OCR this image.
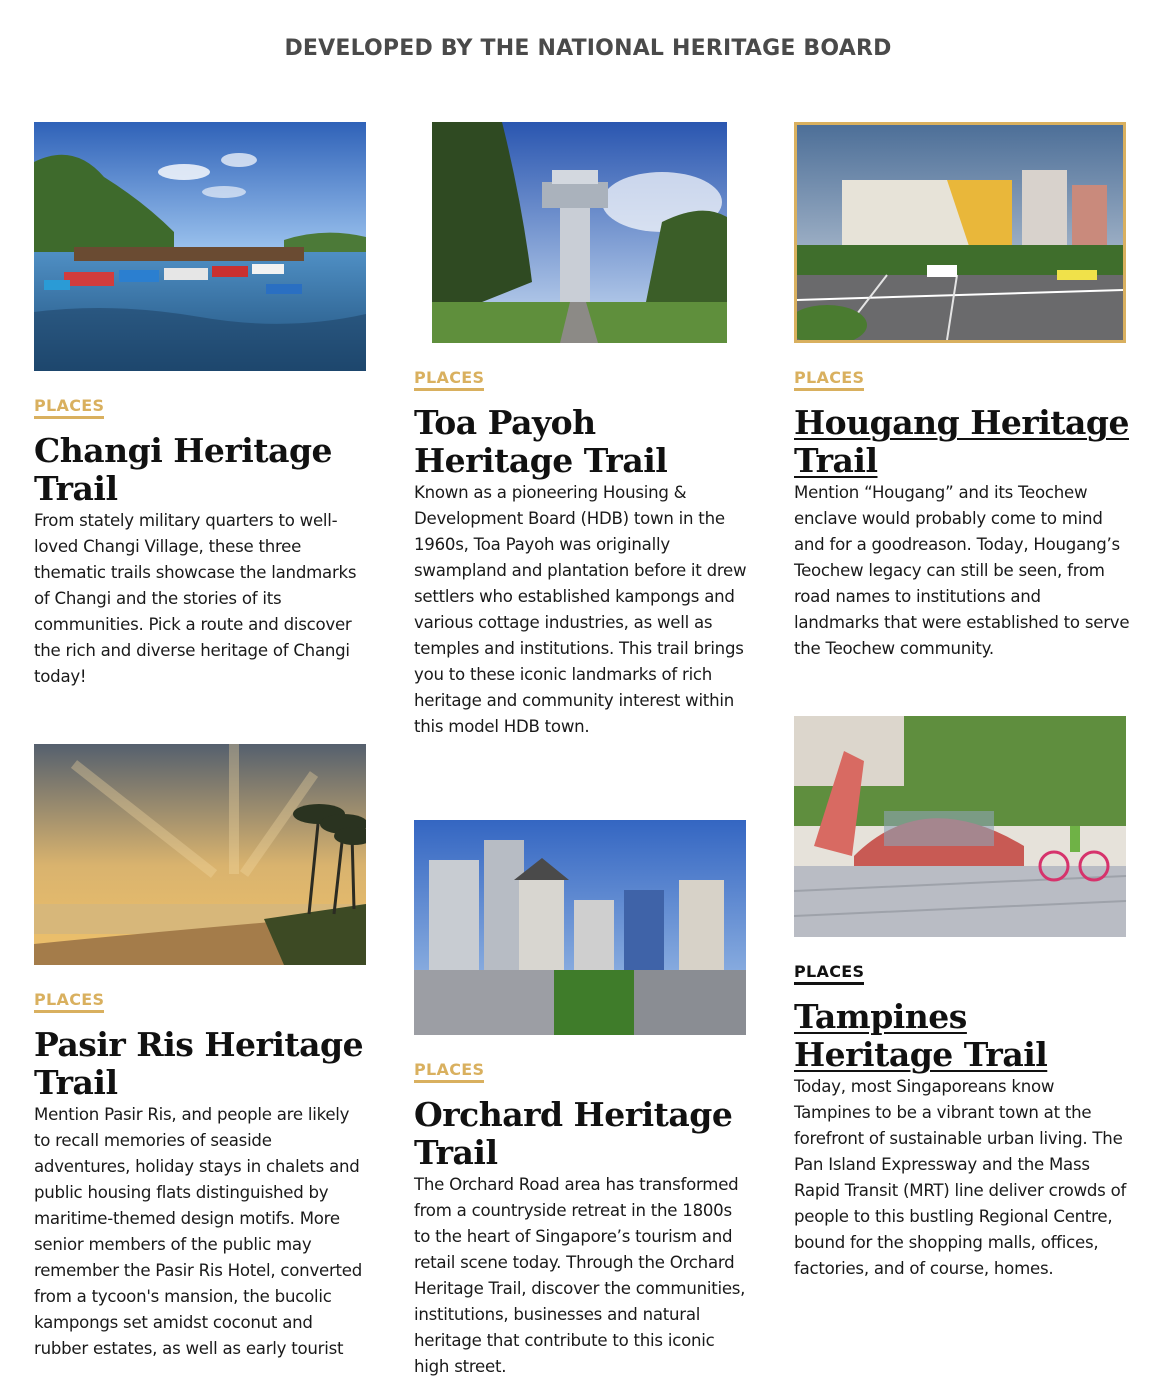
DEVELOPED BY THE NATIONAL HERITAGE BOARD
PLACES
Changi Heritage Trail

From stately military quarters to well-loved Changi Village, these three thematic trails showcase the landmarks of Changi and the stories of its communities. Pick a route and discover the rich and diverse heritage of Changi today!

PLACES
Toa Payoh Heritage Trail

Known as a pioneering Housing & Development Board (HDB) town in the 1960s, Toa Payoh was originally swampland and plantation before it drew settlers who established kampongs and various cottage industries, as well as temples and institutions. This trail brings you to these iconic landmarks of rich heritage and community interest within this model HDB town.

PLACES
Hougang Heritage Trail

Mention “Hougang” and its Teochew enclave would probably come to mind and for a goodreason. Today, Hougang’s Teochew legacy can still be seen, from road names to institutions and landmarks that were established to serve the Teochew community.

PLACES
Pasir Ris Heritage Trail

Mention Pasir Ris, and people are likely to recall memories of seaside adventures, holiday stays in chalets and public housing flats distinguished by maritime-themed design motifs. More senior members of the public may remember the Pasir Ris Hotel, converted from a tycoon's mansion, the bucolic kampongs set amidst coconut and rubber estates, as well as early tourist

PLACES
Orchard Heritage Trail

The Orchard Road area has transformed from a countryside retreat in the 1800s to the heart of Singapore’s tourism and retail scene today. Through the Orchard Heritage Trail, discover the communities, institutions, businesses and natural heritage that contribute to this iconic high street.

PLACES
Tampines Heritage Trail

Today, most Singaporeans know Tampines to be a vibrant town at the forefront of sustainable urban living. The Pan Island Expressway and the Mass Rapid Transit (MRT) line deliver crowds of people to this bustling Regional Centre, bound for the shopping malls, offices, factories, and of course, homes.
